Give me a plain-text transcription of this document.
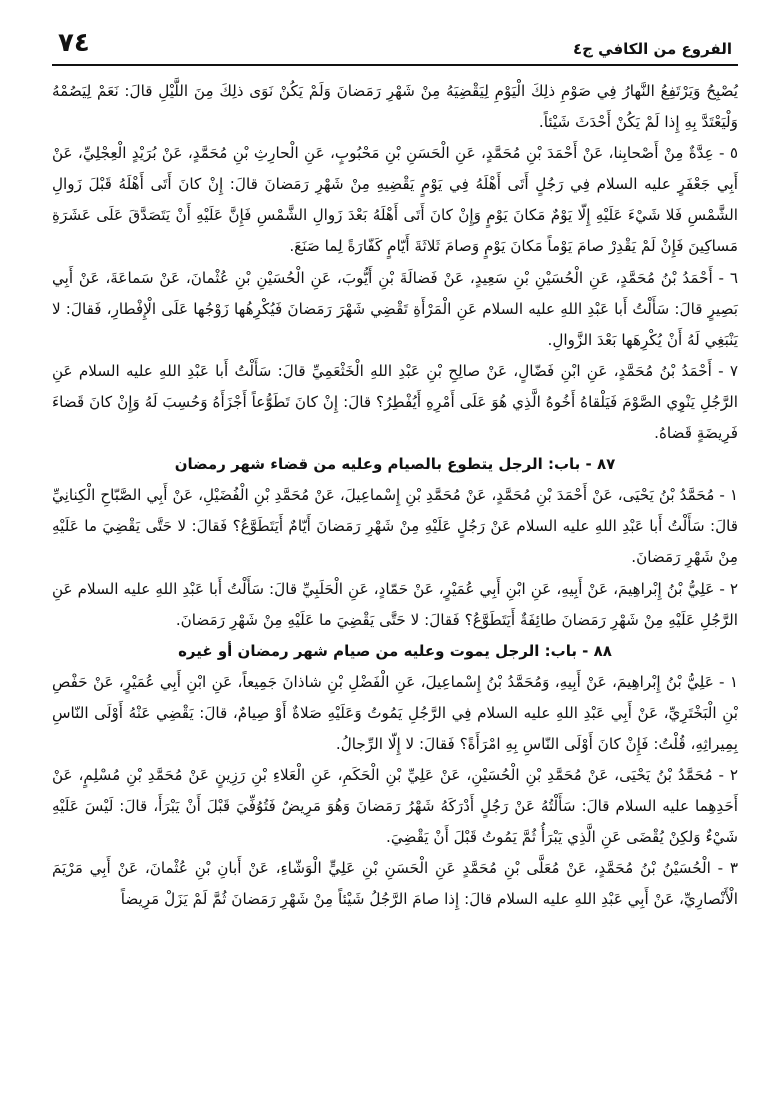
٧٤	الفروع من الكافي ج٤

يُصْبِحُ وَيَرْتَفِعُ النَّهارُ فِي صَوْمِ ذلِكَ الْيَوْمِ لِيَقْضِيَهُ مِنْ شَهْرِ رَمَضانَ وَلَمْ يَكُنْ نَوَى ذلِكَ مِنَ اللَّيْلِ قالَ: نَعَمْ لِيَصُمْهُ وَلْيَعْتَدَّ بِهِ إِذا لَمْ يَكُنْ أَحْدَثَ شَيْئاً.

٥ - عِدَّةٌ مِنْ أَصْحابِنا، عَنْ أَحْمَدَ بْنِ مُحَمَّدٍ، عَنِ الْحَسَنِ بْنِ مَحْبُوبٍ، عَنِ الْحارِثِ بْنِ مُحَمَّدٍ، عَنْ بُرَيْدٍ الْعِجْلِيِّ، عَنْ أَبِي جَعْفَرٍ عليه السلام فِي رَجُلٍ أَتَى أَهْلَهُ فِي يَوْمٍ يَقْضِيهِ مِنْ شَهْرِ رَمَضانَ قالَ: إِنْ كانَ أَتَى أَهْلَهُ قَبْلَ زَوالِ الشَّمْسِ فَلا شَيْءَ عَلَيْهِ إِلّا يَوْمٌ مَكانَ يَوْمٍ وَإِنْ كانَ أَتَى أَهْلَهُ بَعْدَ زَوالِ الشَّمْسِ فَإِنَّ عَلَيْهِ أَنْ يَتَصَدَّقَ عَلَى عَشَرَةِ مَساكِينَ فَإِنْ لَمْ يَقْدِرْ صامَ يَوْماً مَكانَ يَوْمٍ وَصامَ ثَلاثَةَ أَيّامٍ كَفّارَةً لِما صَنَعَ.

٦ - أَحْمَدُ بْنُ مُحَمَّدٍ، عَنِ الْحُسَيْنِ بْنِ سَعِيدٍ، عَنْ فَضالَةَ بْنِ أَيُّوبَ، عَنِ الْحُسَيْنِ بْنِ عُثْمانَ، عَنْ سَماعَةَ، عَنْ أَبِي بَصِيرٍ قالَ: سَأَلْتُ أَبا عَبْدِ اللهِ عليه السلام عَنِ الْمَرْأَةِ تَقْضِي شَهْرَ رَمَضانَ فَيُكْرِهُها زَوْجُها عَلَى الْإِفْطارِ، فَقالَ: لا يَنْبَغِي لَهُ أَنْ يُكْرِهَها بَعْدَ الزَّوالِ.

٧ - أَحْمَدُ بْنُ مُحَمَّدٍ، عَنِ ابْنِ فَضّالٍ، عَنْ صالِحِ بْنِ عَبْدِ اللهِ الْخَثْعَمِيِّ قالَ: سَأَلْتُ أَبا عَبْدِ اللهِ عليه السلام عَنِ الرَّجُلِ يَنْوِي الصَّوْمَ فَيَلْقاهُ أَخُوهُ الَّذِي هُوَ عَلَى أَمْرِهِ أَيُفْطِرُ؟ قالَ: إِنْ كانَ تَطَوُّعاً أَجْزَأَهُ وَحُسِبَ لَهُ وَإِنْ كانَ قَضاءَ فَرِيضَةٍ قَضاهُ.

٨٧ - باب: الرجل يتطوع بالصيام وعليه من قضاء شهر رمضان

١ - مُحَمَّدُ بْنُ يَحْيَى، عَنْ أَحْمَدَ بْنِ مُحَمَّدٍ، عَنْ مُحَمَّدِ بْنِ إِسْماعِيلَ، عَنْ مُحَمَّدِ بْنِ الْفُضَيْلِ، عَنْ أَبِي الصَّبّاحِ الْكِنانِيِّ قالَ: سَأَلْتُ أَبا عَبْدِ اللهِ عليه السلام عَنْ رَجُلٍ عَلَيْهِ مِنْ شَهْرِ رَمَضانَ أَيّامٌ أَيَتَطَوَّعُ؟ فَقالَ: لا حَتَّى يَقْضِيَ ما عَلَيْهِ مِنْ شَهْرِ رَمَضانَ.

٢ - عَلِيُّ بْنُ إِبْراهِيمَ، عَنْ أَبِيهِ، عَنِ ابْنِ أَبِي عُمَيْرٍ، عَنْ حَمّادٍ، عَنِ الْحَلَبِيِّ قالَ: سَأَلْتُ أَبا عَبْدِ اللهِ عليه السلام عَنِ الرَّجُلِ عَلَيْهِ مِنْ شَهْرِ رَمَضانَ طائِفَةٌ أَيَتَطَوَّعُ؟ فَقالَ: لا حَتَّى يَقْضِيَ ما عَلَيْهِ مِنْ شَهْرِ رَمَضانَ.

٨٨ - باب: الرجل يموت وعليه من صيام شهر رمضان أو غيره

١ - عَلِيُّ بْنُ إِبْراهِيمَ، عَنْ أَبِيهِ، وَمُحَمَّدُ بْنُ إِسْماعِيلَ، عَنِ الْفَضْلِ بْنِ شاذانَ جَمِيعاً، عَنِ ابْنِ أَبِي عُمَيْرٍ، عَنْ حَفْصِ بْنِ الْبَخْتَرِيِّ، عَنْ أَبِي عَبْدِ اللهِ عليه السلام فِي الرَّجُلِ يَمُوتُ وَعَلَيْهِ صَلاةٌ أَوْ صِيامٌ، قالَ: يَقْضِي عَنْهُ أَوْلَى النّاسِ بِمِيراثِهِ، قُلْتُ: فَإِنْ كانَ أَوْلَى النّاسِ بِهِ امْرَأَةً؟ فَقالَ: لا إِلّا الرِّجالُ.

٢ - مُحَمَّدُ بْنُ يَحْيَى، عَنْ مُحَمَّدِ بْنِ الْحُسَيْنِ، عَنْ عَلِيِّ بْنِ الْحَكَمِ، عَنِ الْعَلاءِ بْنِ رَزِينٍ عَنْ مُحَمَّدِ بْنِ مُسْلِمٍ، عَنْ أَحَدِهِما عليه السلام قالَ: سَأَلْتُهُ عَنْ رَجُلٍ أَدْرَكَهُ شَهْرُ رَمَضانَ وَهُوَ مَرِيضٌ فَتُوُفِّيَ قَبْلَ أَنْ يَبْرَأَ، قالَ: لَيْسَ عَلَيْهِ شَيْءٌ وَلكِنْ يُقْضَى عَنِ الَّذِي يَبْرَأُ ثُمَّ يَمُوتُ قَبْلَ أَنْ يَقْضِيَ.

٣ - الْحُسَيْنُ بْنُ مُحَمَّدٍ، عَنْ مُعَلَّى بْنِ مُحَمَّدٍ عَنِ الْحَسَنِ بْنِ عَلِيٍّ الْوَشّاءِ، عَنْ أَبانِ بْنِ عُثْمانَ، عَنْ أَبِي مَرْيَمَ الْأَنْصارِيِّ، عَنْ أَبِي عَبْدِ اللهِ عليه السلام قالَ: إِذا صامَ الرَّجُلُ شَيْئاً مِنْ شَهْرِ رَمَضانَ ثُمَّ لَمْ يَزَلْ مَرِيضاً
